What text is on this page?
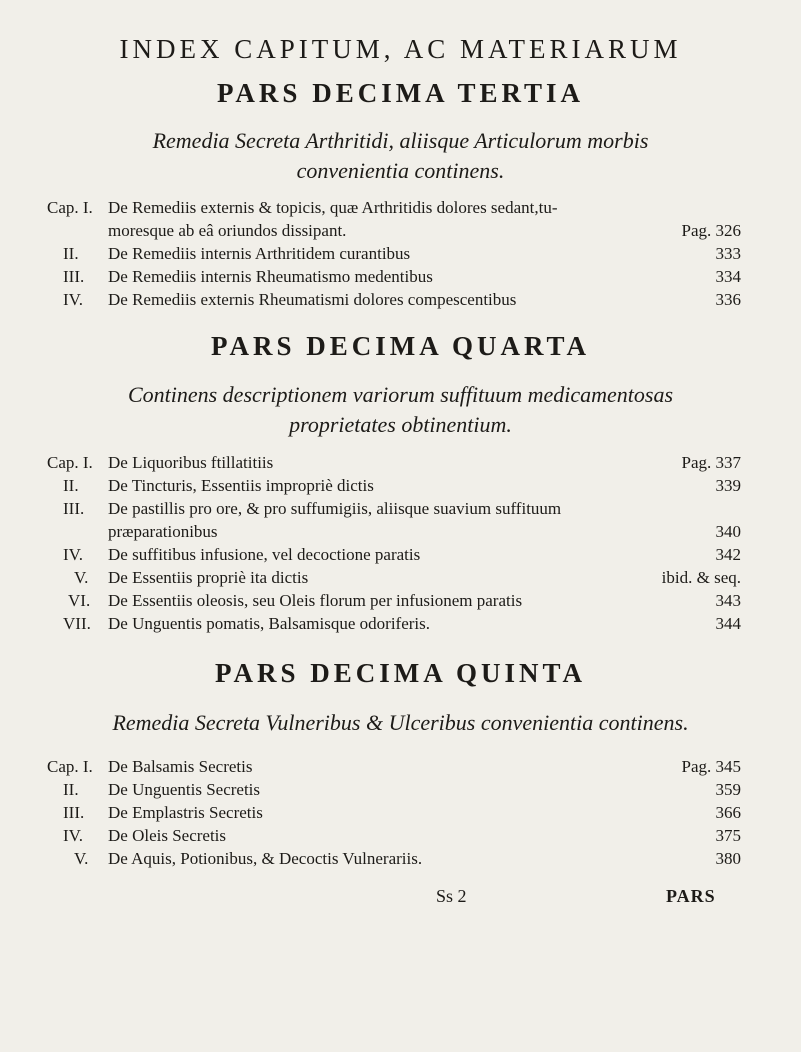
INDEX CAPITUM, AC MATERIARUM
PARS DECIMA TERTIA
Remedia Secreta Arthritidi, aliisque Articulorum morbis
convenientia continens.
Cap. I. De Remediis externis & topicis, quæ Arthritidis dolores sedant,tu-
moresque ab eâ oriundos dissipant.	Pag. 326
II. De Remediis internis Arthritidem curantibus	333
III. De Remediis internis Rheumatismo medentibus	334
IV. De Remediis externis Rheumatismi dolores compescentibus	336
PARS DECIMA QUARTA
Continens descriptionem variorum suffituum medicamentosas
proprietates obtinentium.
Cap. I. De Liquoribus ftillatitiis	Pag. 337
II. De Tincturis, Essentiis impropriè dictis	339
III. De pastillis pro ore, & pro suffumigiis, aliisque suavium suffituum
præparationibus	340
IV. De suffitibus infusione, vel decoctione paratis	342
V. De Essentiis propriè ita dictis	ibid. & seq.
VI. De Essentiis oleosis, seu Oleis florum per infusionem paratis	343
VII. De Unguentis pomatis, Balsamisque odoriferis.	344
PARS DECIMA QUINTA
Remedia Secreta Vulneribus & Ulceribus convenientia continens.
Cap. I. De Balsamis Secretis	Pag. 345
II. De Unguentis Secretis	359
III. De Emplastris Secretis	366
IV. De Oleis Secretis	375
V. De Aquis, Potionibus, & Decoctis Vulnerariis.	380
Ss 2	PARS
